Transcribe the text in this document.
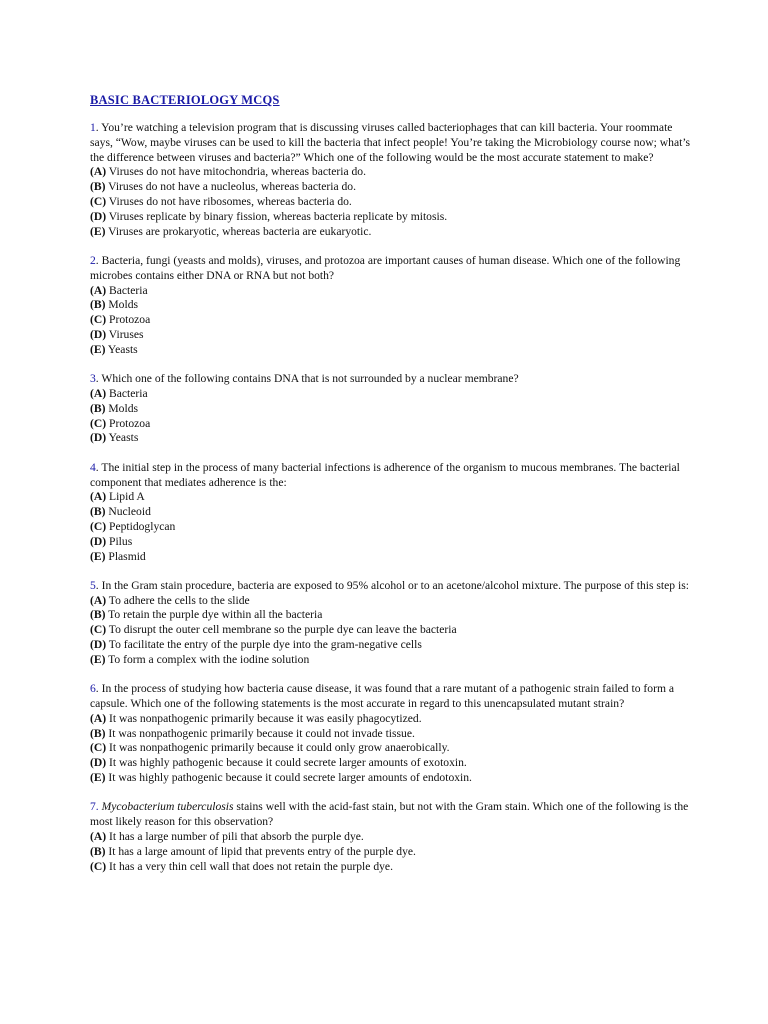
BASIC BACTERIOLOGY MCQS

1. You’re watching a television program that is discussing viruses called bacteriophages that can kill bacteria. Your roommate says, “Wow, maybe viruses can be used to kill the bacteria that infect people! You’re taking the Microbiology course now; what’s the difference between viruses and bacteria?” Which one of the following would be the most accurate statement to make?

(A) Viruses do not have mitochondria, whereas bacteria do.

(B) Viruses do not have a nucleolus, whereas bacteria do.

(C) Viruses do not have ribosomes, whereas bacteria do.

(D) Viruses replicate by binary fission, whereas bacteria replicate by mitosis.

(E) Viruses are prokaryotic, whereas bacteria are eukaryotic.

2. Bacteria, fungi (yeasts and molds), viruses, and protozoa are important causes of human disease. Which one of the following microbes contains either DNA or RNA but not both?

(A) Bacteria

(B) Molds

(C) Protozoa

(D) Viruses

(E) Yeasts

3. Which one of the following contains DNA that is not surrounded by a nuclear membrane?

(A) Bacteria

(B) Molds

(C) Protozoa

(D) Yeasts

4. The initial step in the process of many bacterial infections is adherence of the organism to mucous membranes. The bacterial component that mediates adherence is the:

(A) Lipid A

(B) Nucleoid

(C) Peptidoglycan

(D) Pilus

(E) Plasmid

5. In the Gram stain procedure, bacteria are exposed to 95% alcohol or to an acetone/alcohol mixture. The purpose of this step is:

(A) To adhere the cells to the slide

(B) To retain the purple dye within all the bacteria

(C) To disrupt the outer cell membrane so the purple dye can leave the bacteria

(D) To facilitate the entry of the purple dye into the gram-negative cells

(E) To form a complex with the iodine solution

6. In the process of studying how bacteria cause disease, it was found that a rare mutant of a pathogenic strain failed to form a capsule. Which one of the following statements is the most accurate in regard to this unencapsulated mutant strain?

(A) It was nonpathogenic primarily because it was easily phagocytized.

(B) It was nonpathogenic primarily because it could not invade tissue.

(C) It was nonpathogenic primarily because it could only grow anaerobically.

(D) It was highly pathogenic because it could secrete larger amounts of exotoxin.

(E) It was highly pathogenic because it could secrete larger amounts of endotoxin.

7. Mycobacterium tuberculosis stains well with the acid-fast stain, but not with the Gram stain. Which one of the following is the most likely reason for this observation?

(A) It has a large number of pili that absorb the purple dye.

(B) It has a large amount of lipid that prevents entry of the purple dye.

(C) It has a very thin cell wall that does not retain the purple dye.
